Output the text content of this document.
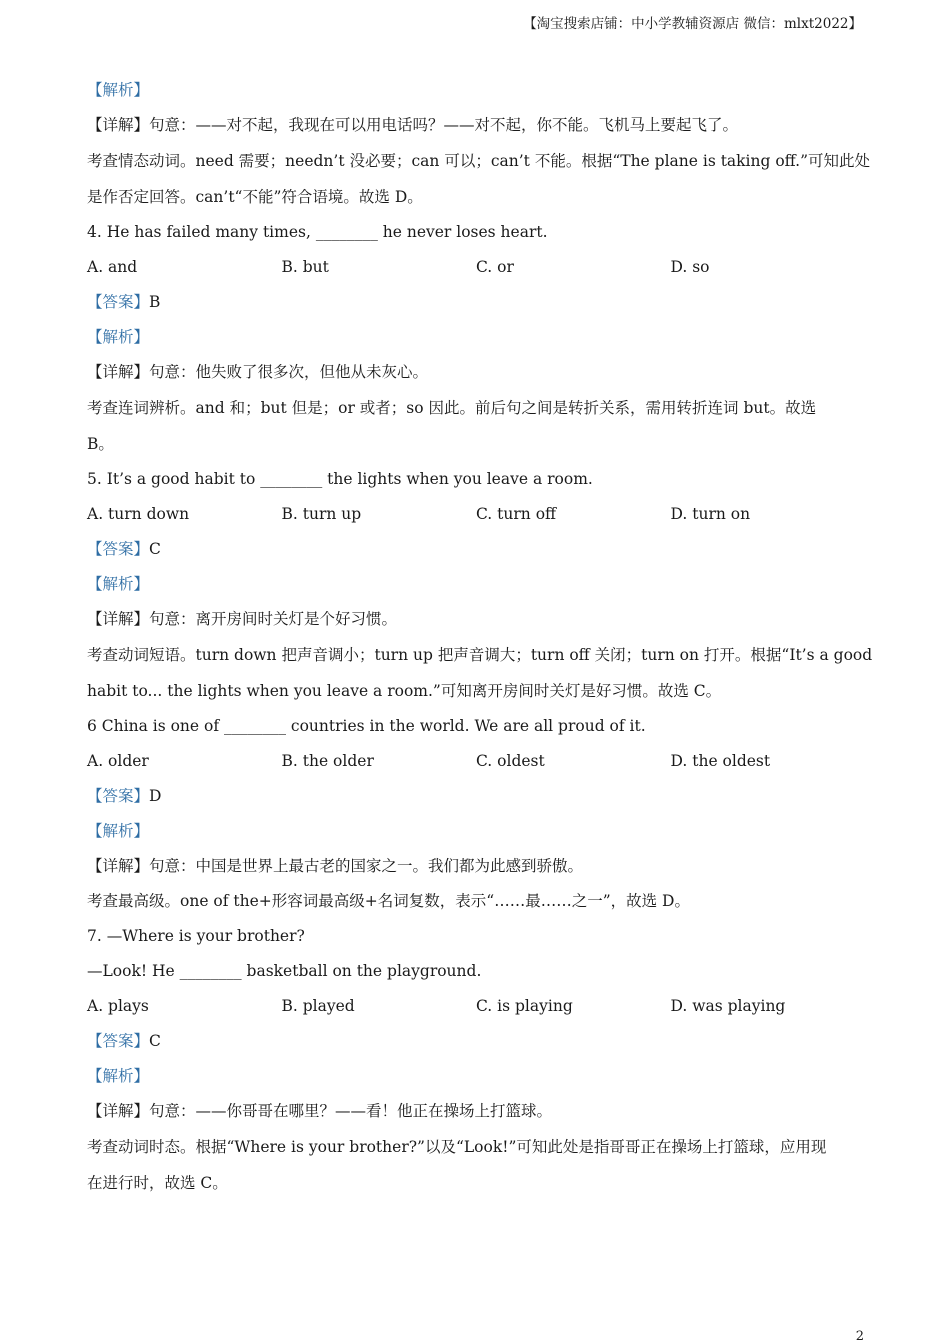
【淘宝搜索店铺：中小学教辅资源店 微信：mlxt2022】
【解析】
【详解】句意：——对不起，我现在可以用电话吗？——对不起，你不能。飞机马上要起飞了。
考查情态动词。need 需要；needn’t 没必要；can 可以；can’t 不能。根据“The plane is taking off.”可知此处
是作否定回答。can’t“不能”符合语境。故选 D。
4. He has failed many times, ________ he never loses heart.
A. and	B. but	C. or	D. so
【答案】B
【解析】
【详解】句意：他失败了很多次，但他从未灰心。
考查连词辨析。and 和；but 但是；or 或者；so 因此。前后句之间是转折关系，需用转折连词 but。故选
B。
5. It’s a good habit to ________ the lights when you leave a room.
A. turn down	B. turn up	C. turn off	D. turn on
【答案】C
【解析】
【详解】句意：离开房间时关灯是个好习惯。
考查动词短语。turn down 把声音调小；turn up 把声音调大；turn off 关闭；turn on 打开。根据“It’s a good
habit to... the lights when you leave a room.”可知离开房间时关灯是好习惯。故选 C。
6 China is one of ________ countries in the world. We are all proud of it.
A. older	B. the older	C. oldest	D. the oldest
【答案】D
【解析】
【详解】句意：中国是世界上最古老的国家之一。我们都为此感到骄傲。
考查最高级。one of the+形容词最高级+名词复数，表示“……最……之一”，故选 D。
7. —Where is your brother?
—Look! He ________ basketball on the playground.
A. plays	B. played	C. is playing	D. was playing
【答案】C
【解析】
【详解】句意：——你哥哥在哪里？——看！他正在操场上打篮球。
考查动词时态。根据“Where is your brother?”以及“Look!”可知此处是指哥哥正在操场上打篮球，应用现
在进行时，故选 C。
2
